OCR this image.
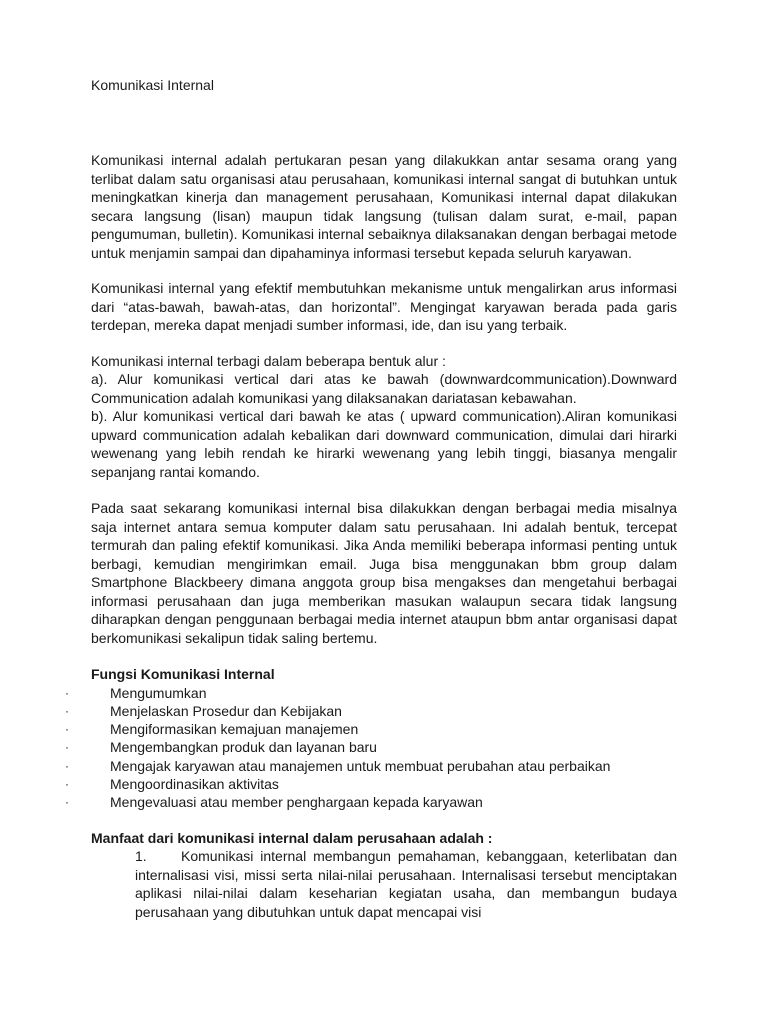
Komunikasi Internal

Komunikasi internal adalah pertukaran pesan yang dilakukkan antar sesama orang yang terlibat dalam satu organisasi atau perusahaan, komunikasi internal sangat di butuhkan untuk meningkatkan kinerja dan management perusahaan, Komunikasi internal dapat dilakukan secara langsung (lisan) maupun tidak langsung (tulisan dalam surat, e-mail, papan pengumuman, bulletin). Komunikasi internal sebaiknya dilaksanakan dengan berbagai metode untuk menjamin sampai dan dipahaminya informasi tersebut kepada seluruh karyawan.

Komunikasi internal yang efektif membutuhkan mekanisme untuk mengalirkan arus informasi dari “atas-bawah, bawah-atas, dan horizontal”. Mengingat karyawan berada pada garis terdepan, mereka dapat menjadi sumber informasi, ide, dan isu yang terbaik.

Komunikasi internal terbagi dalam beberapa bentuk alur :
a). Alur komunikasi vertical dari atas ke bawah (downwardcommunication).Downward Communication adalah komunikasi yang dilaksanakan dariatasan kebawahan.
b). Alur komunikasi vertical dari bawah ke atas ( upward communication).Aliran komunikasi upward communication adalah kebalikan dari downward communication, dimulai dari hirarki wewenang yang lebih rendah ke hirarki wewenang yang lebih tinggi, biasanya mengalir sepanjang rantai komando.

Pada saat sekarang komunikasi internal bisa dilakukkan dengan berbagai media misalnya saja internet antara semua komputer dalam satu perusahaan. Ini adalah bentuk, tercepat termurah dan paling efektif komunikasi. Jika Anda memiliki beberapa informasi penting untuk berbagi, kemudian mengirimkan email. Juga bisa menggunakan bbm group dalam Smartphone Blackbeery dimana anggota group bisa mengakses dan mengetahui berbagai informasi perusahaan dan juga memberikan masukan walaupun secara tidak langsung diharapkan dengan penggunaan berbagai media internet ataupun bbm antar organisasi dapat berkomunikasi sekalipun tidak saling bertemu.

Fungsi Komunikasi Internal
·	Mengumumkan
·	Menjelaskan Prosedur dan Kebijakan
·	Mengiformasikan kemajuan manajemen
·	Mengembangkan produk dan layanan baru
·	Mengajak karyawan atau manajemen untuk membuat perubahan atau perbaikan
·	Mengoordinasikan aktivitas
·	Mengevaluasi atau member penghargaan kepada karyawan
Manfaat dari komunikasi internal dalam perusahaan adalah :
1. Komunikasi internal membangun pemahaman, kebanggaan, keterlibatan dan internalisasi visi, missi serta nilai-nilai perusahaan. Internalisasi tersebut menciptakan aplikasi nilai-nilai dalam keseharian kegiatan usaha, dan membangun budaya perusahaan yang dibutuhkan untuk dapat mencapai visi
